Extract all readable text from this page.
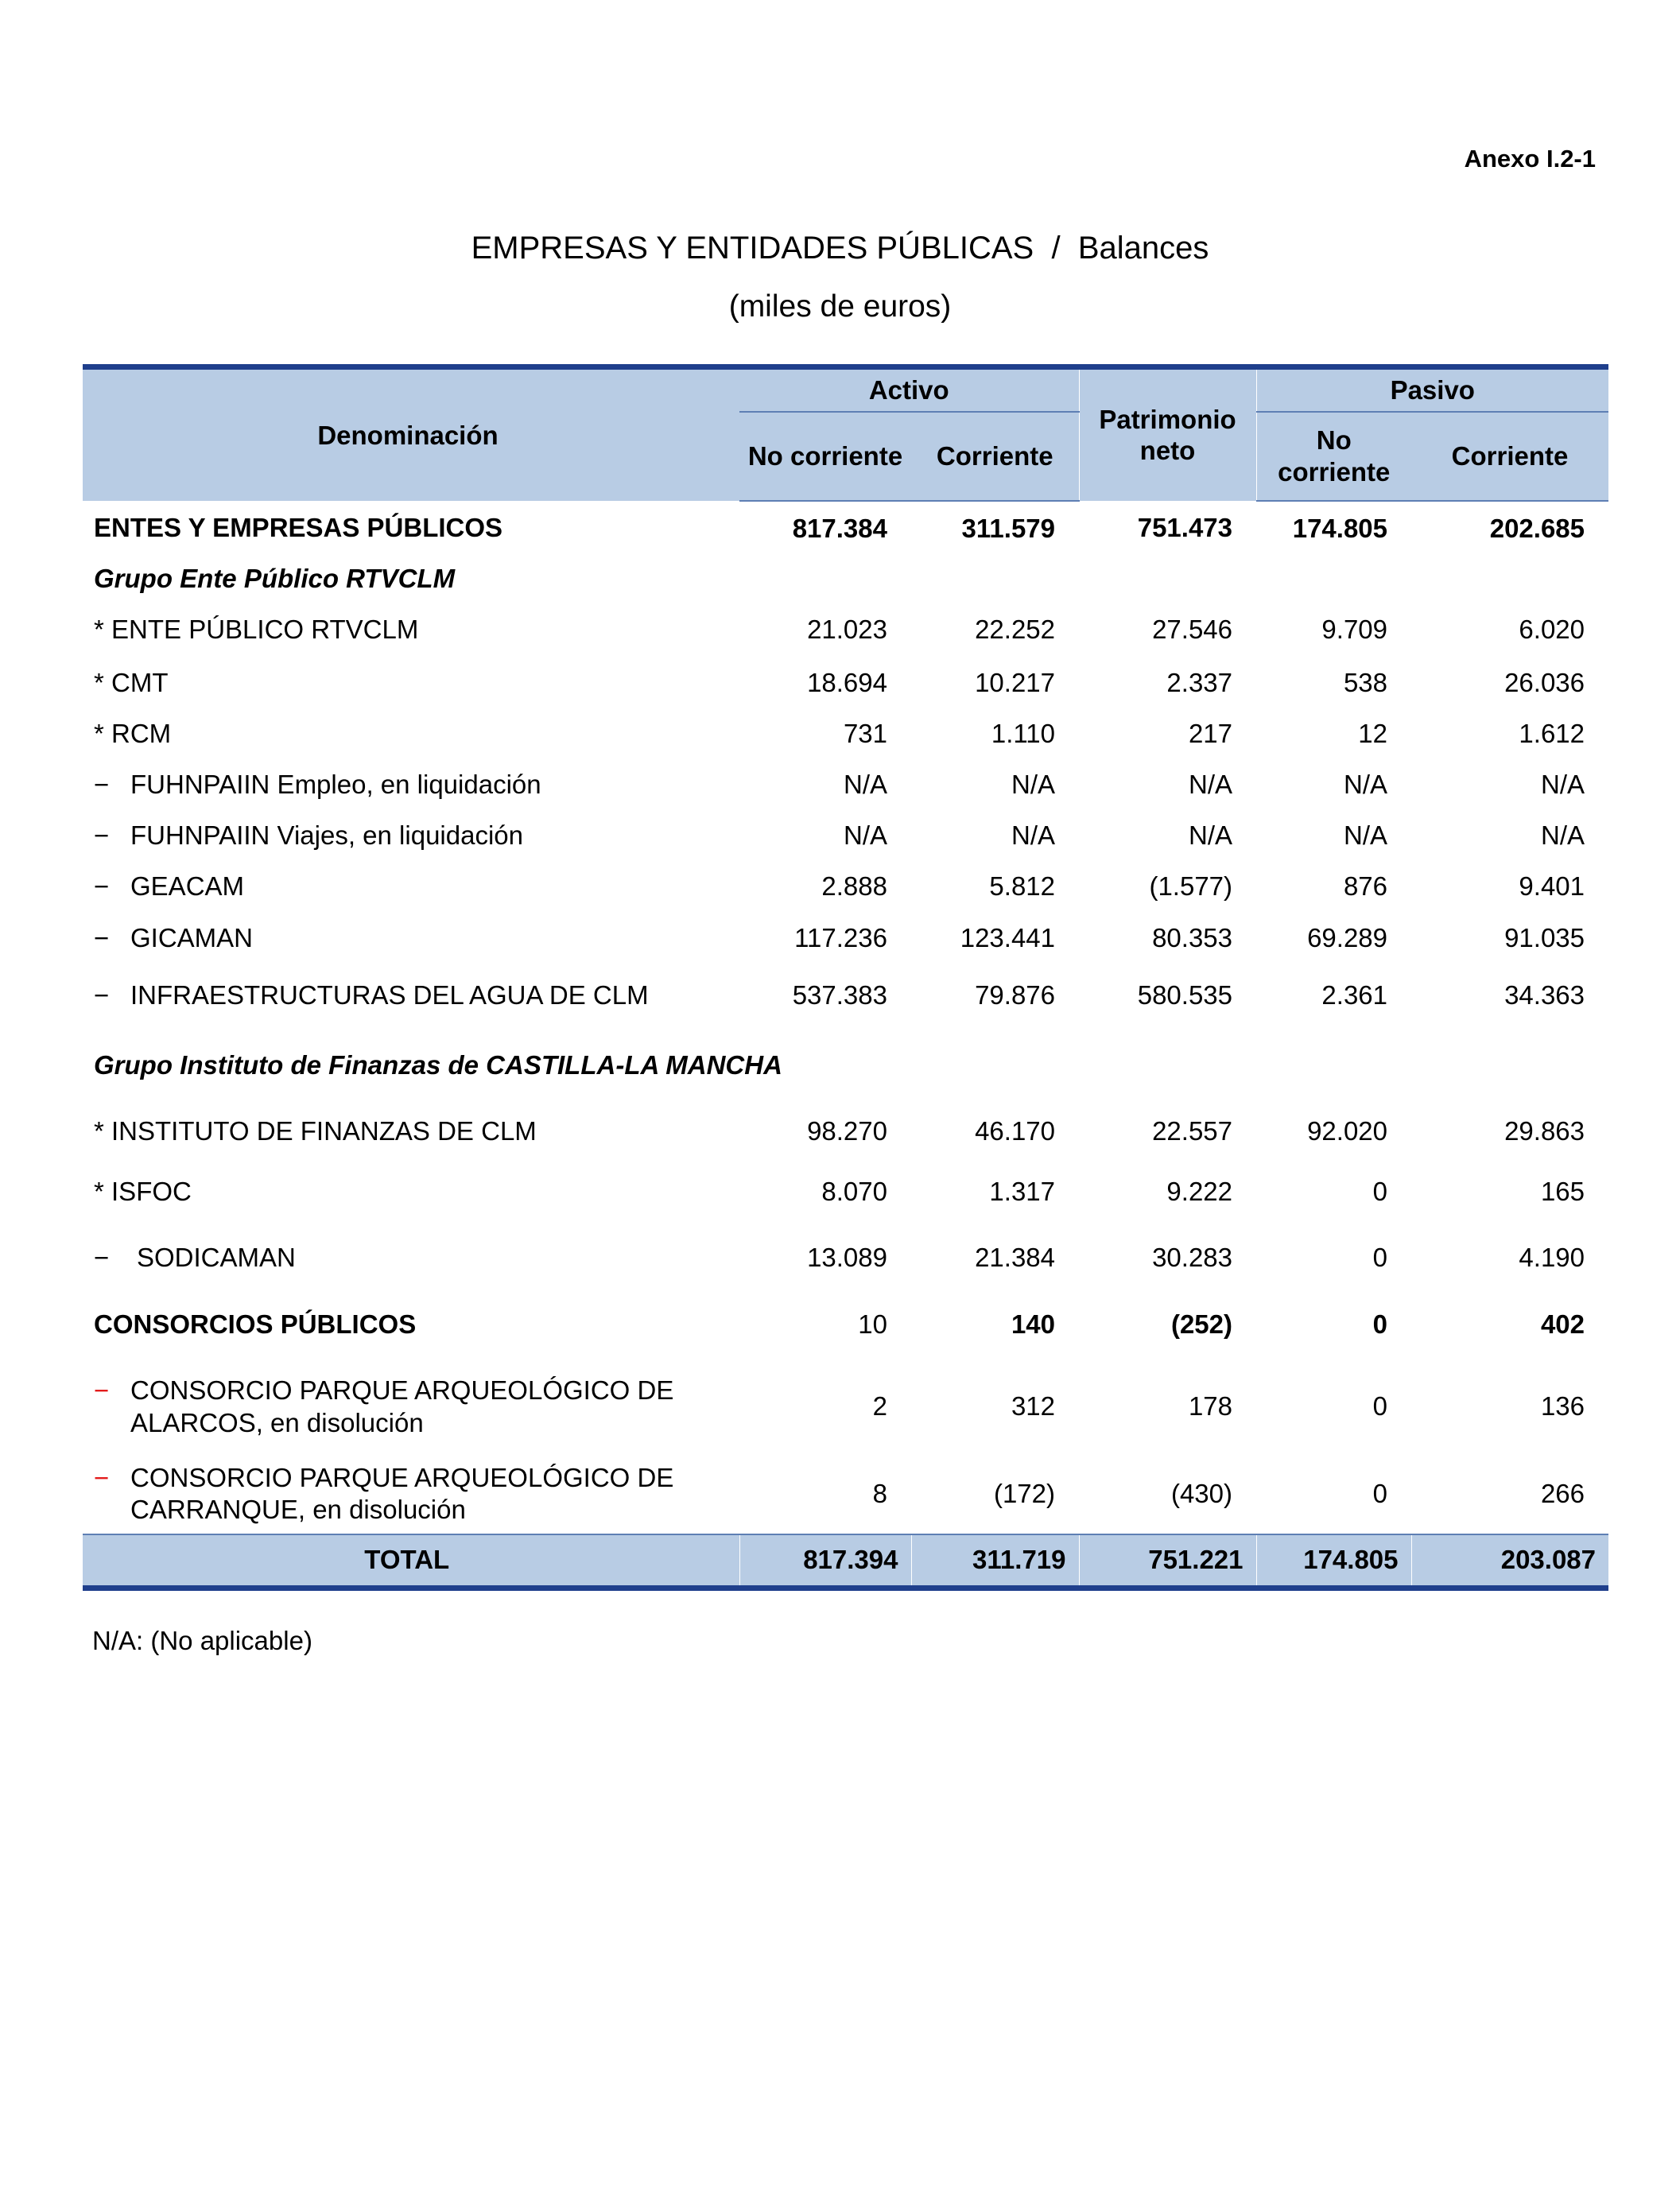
Anexo I.2-1
EMPRESAS Y ENTIDADES PÚBLICAS / Balances
(miles de euros)
Denominación	Activo		Patrimonio neto	Pasivo	
	No corriente	Corriente		No corriente	Corriente
ENTES Y EMPRESAS PÚBLICOS	817.384	311.579	751.473	174.805	202.685
Grupo Ente Público RTVCLM					
* ENTE PÚBLICO RTVCLM	21.023	22.252	27.546	9.709	6.020
* CMT	18.694	10.217	2.337	538	26.036
* RCM	731	1.110	217	12	1.612
− FUHNPAIIN Empleo, en liquidación	N/A	N/A	N/A	N/A	N/A
− FUHNPAIIN Viajes, en liquidación	N/A	N/A	N/A	N/A	N/A
− GEACAM	2.888	5.812	(1.577)	876	9.401
− GICAMAN	117.236	123.441	80.353	69.289	91.035
− INFRAESTRUCTURAS DEL AGUA DE CLM	537.383	79.876	580.535	2.361	34.363
Grupo Instituto de Finanzas de CASTILLA-LA MANCHA					
* INSTITUTO DE FINANZAS DE CLM	98.270	46.170	22.557	92.020	29.863
* ISFOC	8.070	1.317	9.222	0	165
− SODICAMAN	13.089	21.384	30.283	0	4.190
CONSORCIOS PÚBLICOS	10	140	(252)	0	402

− CONSORCIO PARQUE ARQUEOLÓGICO DE
ALARCOS, en disolución	2	312	178	0	136

− CONSORCIO PARQUE ARQUEOLÓGICO DE
CARRANQUE, en disolución	8	(172)	(430)	0	266
TOTAL	817.394	311.719	751.221	174.805	203.087
N/A: (No aplicable)
